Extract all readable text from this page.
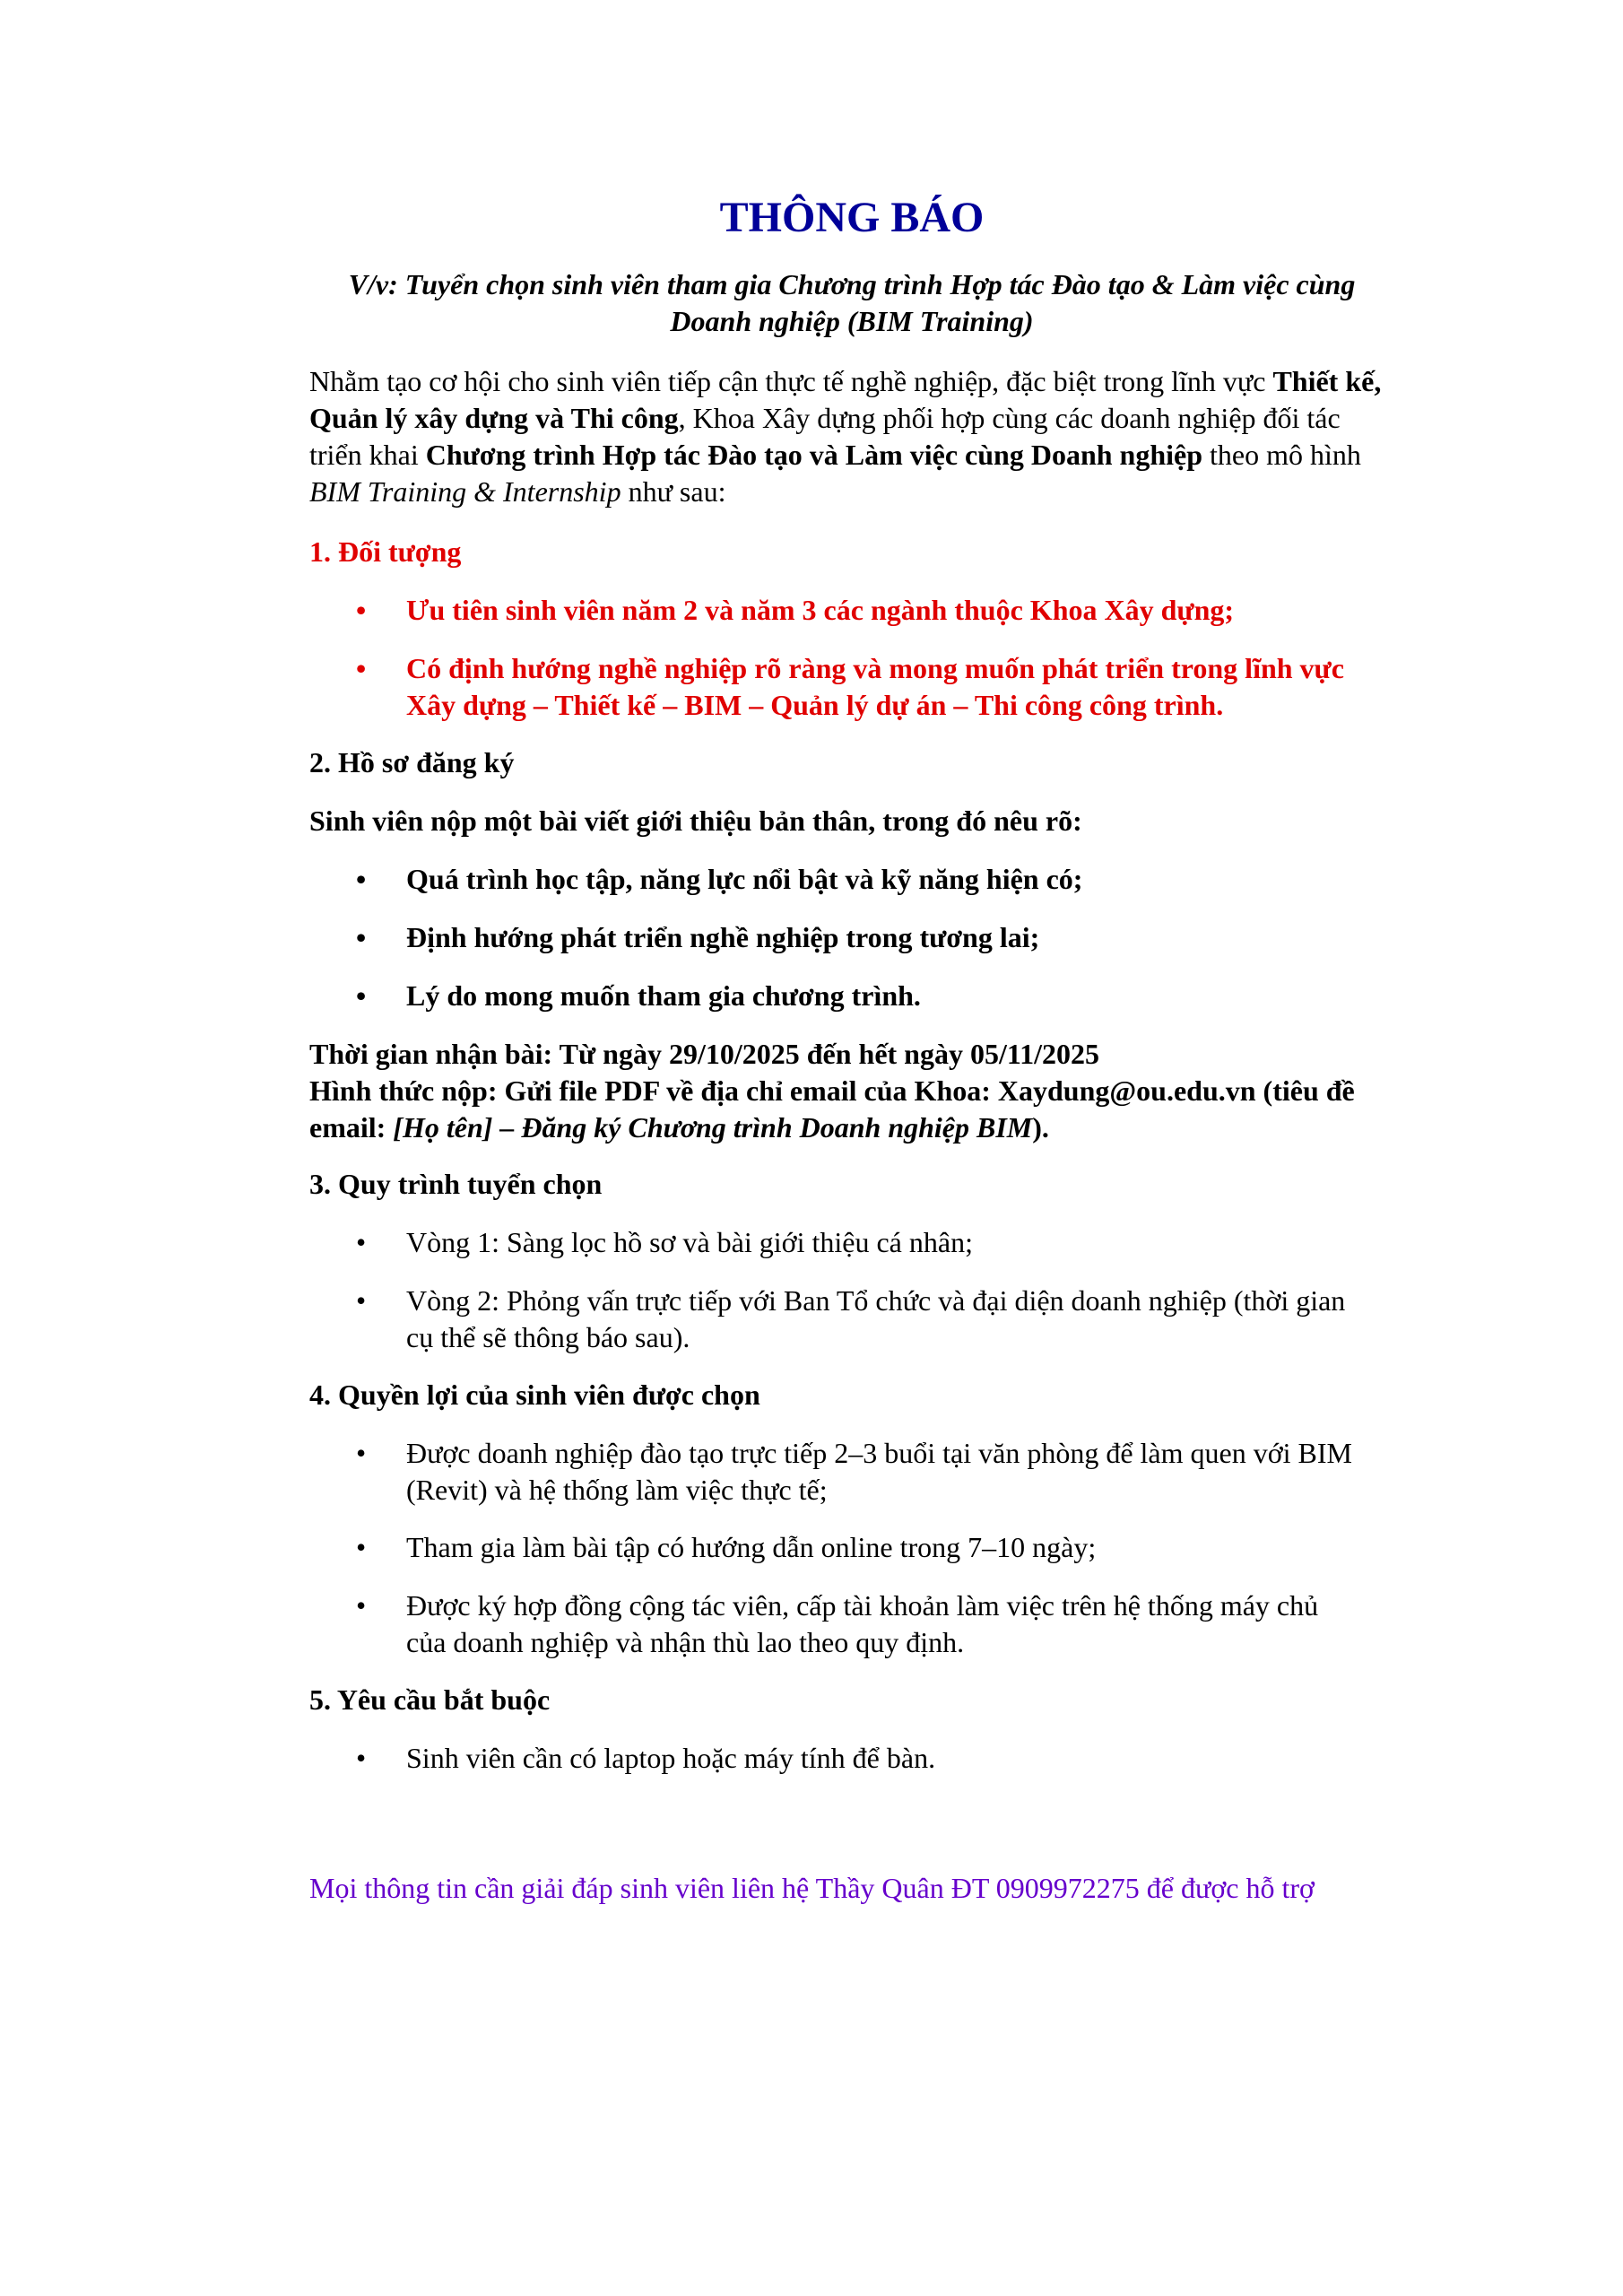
THÔNG BÁO
V/v: Tuyển chọn sinh viên tham gia Chương trình Hợp tác Đào tạo & Làm việc cùng
Doanh nghiệp (BIM Training)
Nhằm tạo cơ hội cho sinh viên tiếp cận thực tế nghề nghiệp, đặc biệt trong lĩnh vực Thiết kế, Quản lý xây dựng và Thi công, Khoa Xây dựng phối hợp cùng các doanh nghiệp đối tác triển khai Chương trình Hợp tác Đào tạo và Làm việc cùng Doanh nghiệp theo mô hình BIM Training & Internship như sau:
1. Đối tượng
• Ưu tiên sinh viên năm 2 và năm 3 các ngành thuộc Khoa Xây dựng;
• Có định hướng nghề nghiệp rõ ràng và mong muốn phát triển trong lĩnh vực Xây dựng – Thiết kế – BIM – Quản lý dự án – Thi công công trình.
2. Hồ sơ đăng ký
Sinh viên nộp một bài viết giới thiệu bản thân, trong đó nêu rõ:
• Quá trình học tập, năng lực nổi bật và kỹ năng hiện có;
• Định hướng phát triển nghề nghiệp trong tương lai;
• Lý do mong muốn tham gia chương trình.
Thời gian nhận bài: Từ ngày 29/10/2025 đến hết ngày 05/11/2025
Hình thức nộp: Gửi file PDF về địa chỉ email của Khoa: Xaydung@ou.edu.vn (tiêu đề email: [Họ tên] – Đăng ký Chương trình Doanh nghiệp BIM).
3. Quy trình tuyển chọn
• Vòng 1: Sàng lọc hồ sơ và bài giới thiệu cá nhân;
• Vòng 2: Phỏng vấn trực tiếp với Ban Tổ chức và đại diện doanh nghiệp (thời gian cụ thể sẽ thông báo sau).
4. Quyền lợi của sinh viên được chọn
• Được doanh nghiệp đào tạo trực tiếp 2–3 buổi tại văn phòng để làm quen với BIM (Revit) và hệ thống làm việc thực tế;
• Tham gia làm bài tập có hướng dẫn online trong 7–10 ngày;
• Được ký hợp đồng cộng tác viên, cấp tài khoản làm việc trên hệ thống máy chủ của doanh nghiệp và nhận thù lao theo quy định.
5. Yêu cầu bắt buộc
• Sinh viên cần có laptop hoặc máy tính để bàn.
Mọi thông tin cần giải đáp sinh viên liên hệ Thầy Quân ĐT 0909972275 để được hỗ trợ
